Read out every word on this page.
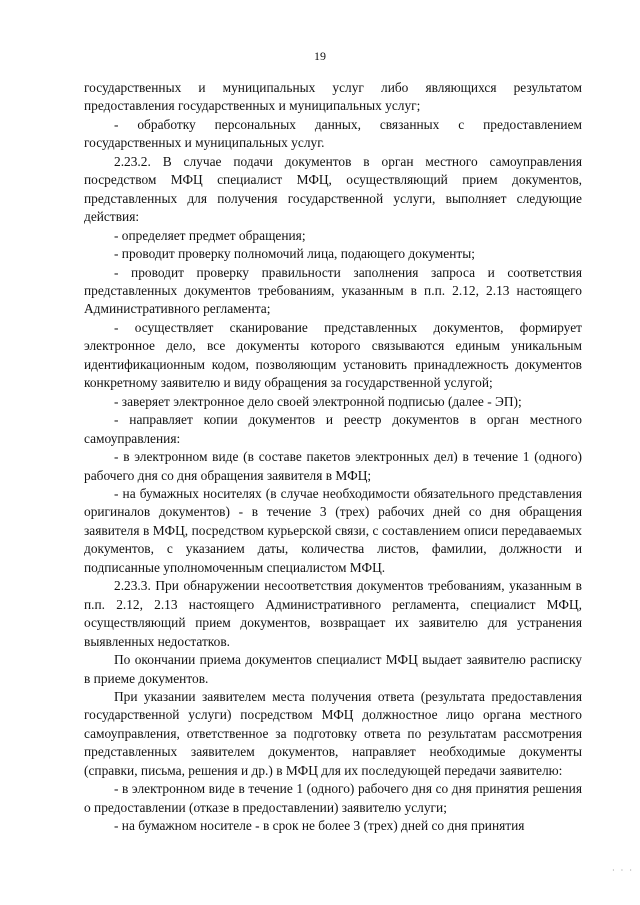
19

государственных и муниципальных услуг либо являющихся результатом предоставления государственных и муниципальных услуг;

- обработку персональных данных, связанных с предоставлением государственных и муниципальных услуг.

2.23.2. В случае подачи документов в орган местного самоуправления посредством МФЦ специалист МФЦ, осуществляющий прием документов, представленных для получения государственной услуги, выполняет следующие действия:

- определяет предмет обращения;

- проводит проверку полномочий лица, подающего документы;

- проводит проверку правильности заполнения запроса и соответствия представленных документов требованиям, указанным в п.п. 2.12, 2.13 настоящего Административного регламента;

- осуществляет сканирование представленных документов, формирует электронное дело, все документы которого связываются единым уникальным идентификационным кодом, позволяющим установить принадлежность документов конкретному заявителю и виду обращения за государственной услугой;

- заверяет электронное дело своей электронной подписью (далее - ЭП);

- направляет копии документов и реестр документов в орган местного самоуправления:

- в электронном виде (в составе пакетов электронных дел) в течение 1 (одного) рабочего дня со дня обращения заявителя в МФЦ;

- на бумажных носителях (в случае необходимости обязательного представления оригиналов документов) - в течение 3 (трех) рабочих дней со дня обращения заявителя в МФЦ, посредством курьерской связи, с составлением описи передаваемых документов, с указанием даты, количества листов, фамилии, должности и подписанные уполномоченным специалистом МФЦ.

2.23.3. При обнаружении несоответствия документов требованиям, указанным в п.п. 2.12, 2.13 настоящего Административного регламента, специалист МФЦ, осуществляющий прием документов, возвращает их заявителю для устранения выявленных недостатков.

По окончании приема документов специалист МФЦ выдает заявителю расписку в приеме документов.

При указании заявителем места получения ответа (результата предоставления государственной услуги) посредством МФЦ должностное лицо органа местного самоуправления, ответственное за подготовку ответа по результатам рассмотрения представленных заявителем документов, направляет необходимые документы (справки, письма, решения и др.) в МФЦ для их последующей передачи заявителю:

- в электронном виде в течение 1 (одного) рабочего дня со дня принятия решения о предоставлении (отказе в предоставлении) заявителю услуги;

- на бумажном носителе - в срок не более 3 (трех) дней со дня принятия

· · ·
